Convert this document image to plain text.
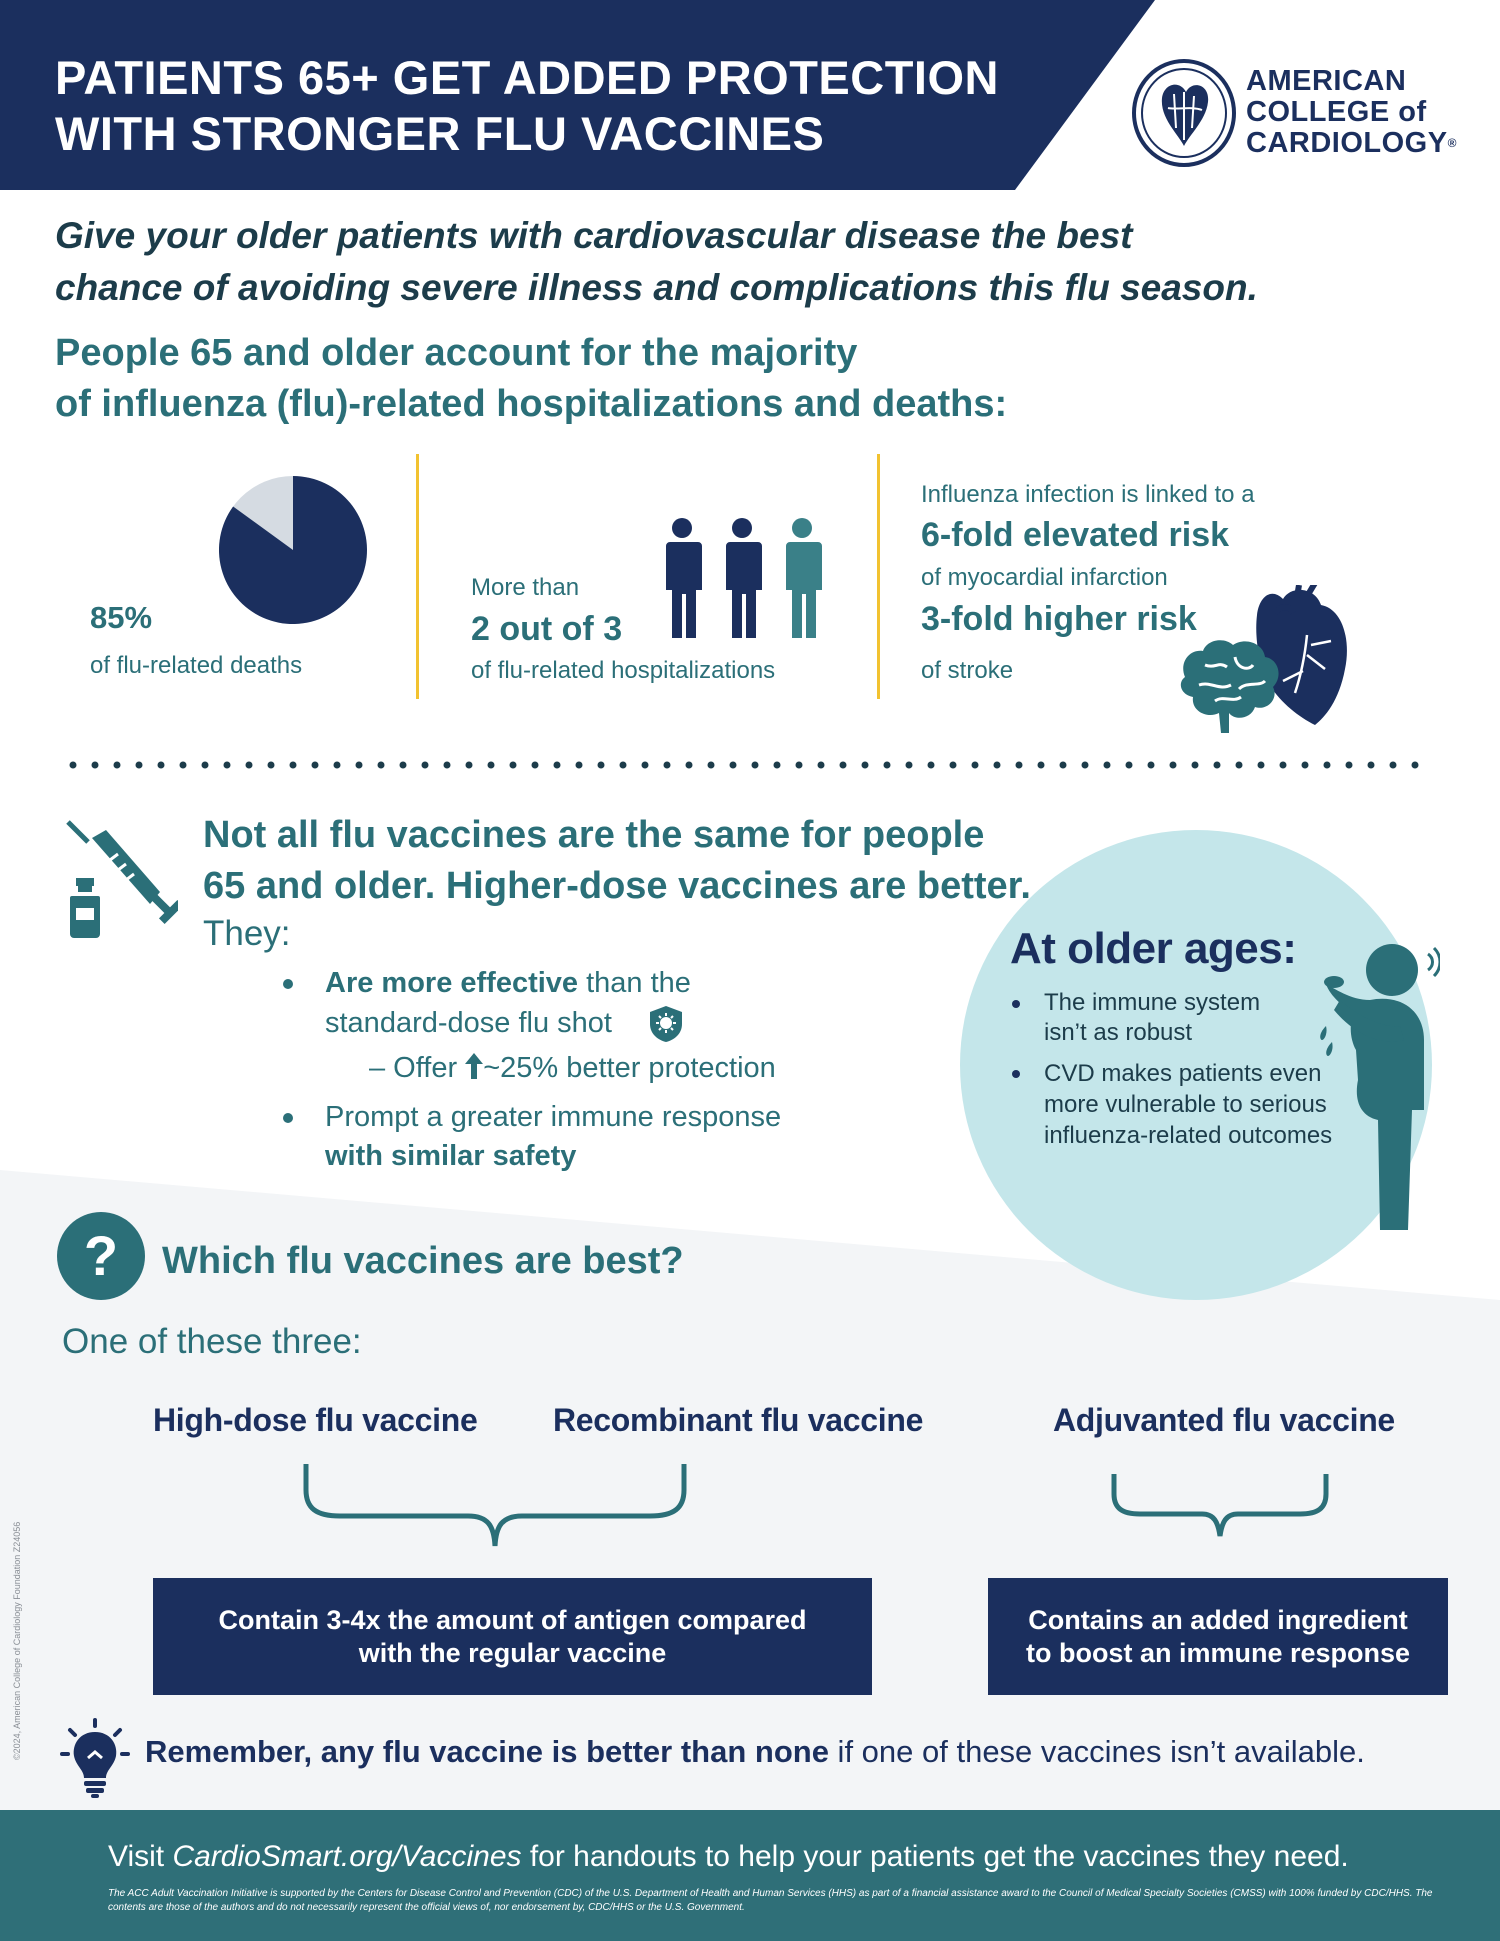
PATIENTS 65+ GET ADDED PROTECTION
WITH STRONGER FLU VACCINES
AMERICAN
COLLEGE of
CARDIOLOGY®
Give your older patients with cardiovascular disease the best
chance of avoiding severe illness and complications this flu season.
People 65 and older account for the majority
of influenza (flu)-related hospitalizations and deaths:
85%
of flu-related deaths
More than
2 out of 3
of flu-related hospitalizations
Influenza infection is linked to a
6-fold elevated risk
of myocardial infarction
3-fold higher risk
of stroke
Not all flu vaccines are the same for people
65 and older. Higher-dose vaccines are better.
They:
Are more effective than the
standard-dose flu shot
– Offer ~25% better protection
Prompt a greater immune response
with similar safety
At older ages:
The immune system isn’t as robust
CVD makes patients even more vulnerable to serious influenza-related outcomes
?	Which flu vaccines are best?
One of these three:
High-dose flu vaccine Recombinant flu vaccine	Adjuvanted flu vaccine
Contain 3-4x the amount of antigen compared
with the regular vaccine
Contains an added ingredient
to boost an immune response
Remember, any flu vaccine is better than none if one of these vaccines isn’t available.
©2024, American College of Cardiology Foundation Z24056
Visit CardioSmart.org/Vaccines for handouts to help your patients get the vaccines they need.
The ACC Adult Vaccination Initiative is supported by the Centers for Disease Control and Prevention (CDC) of the U.S. Department of Health and Human Services (HHS) as part of a financial assistance award to the Council of Medical Specialty Societies (CMSS) with 100% funded by CDC/HHS. The contents are those of the authors and do not necessarily represent the official views of, nor endorsement by, CDC/HHS or the U.S. Government.
